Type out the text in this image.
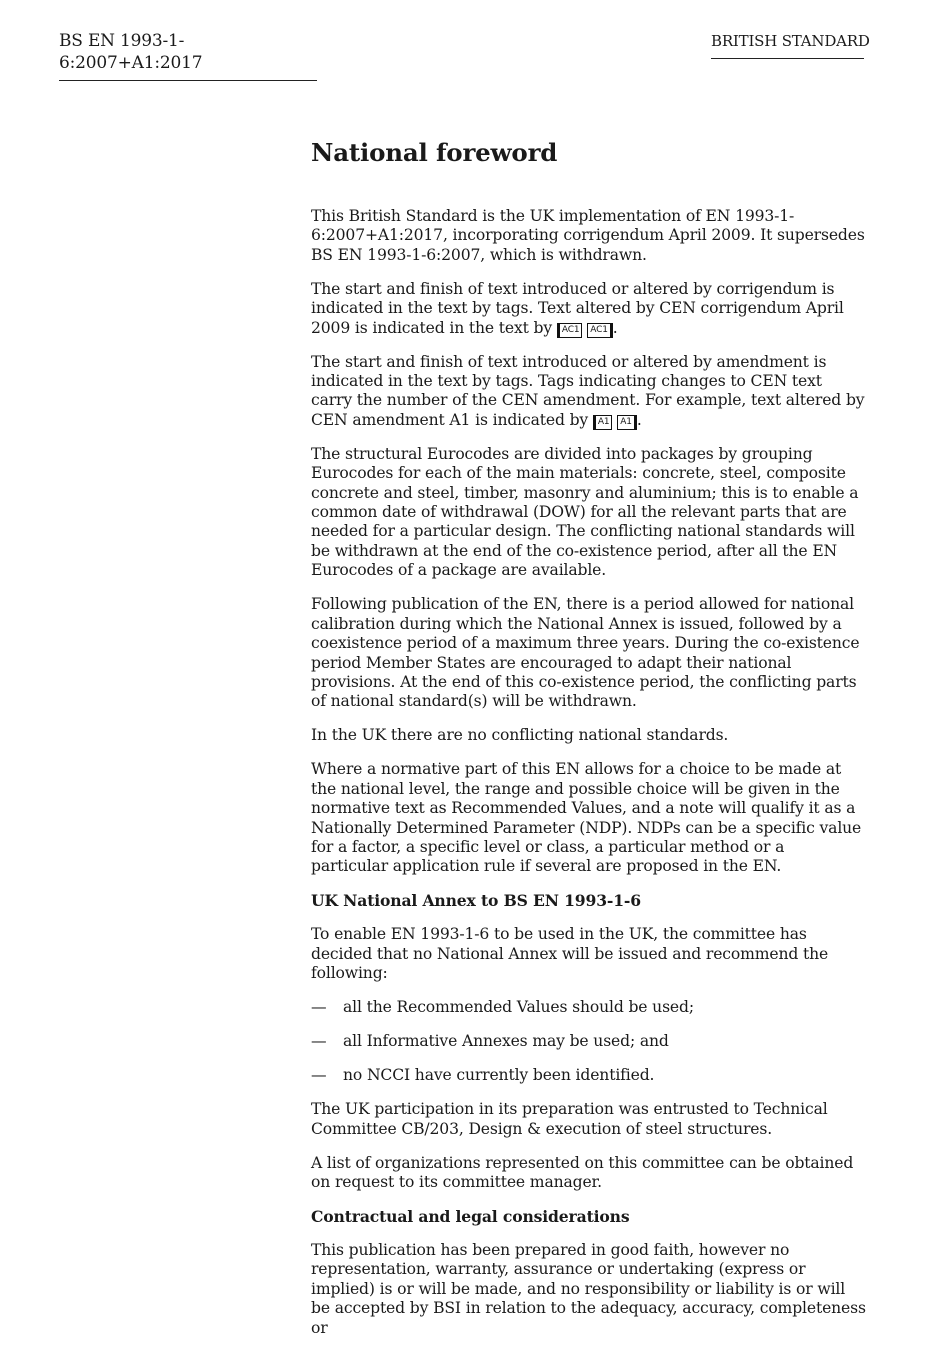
BS EN 1993-1-6:2007+A1:2017
BRITISH STANDARD
National foreword

This British Standard is the UK implementation of EN 1993-1-6:2007+A1:2017, incorporating corrigendum April 2009. It supersedes BS EN 1993-1-6:2007, which is withdrawn.

The start and finish of text introduced or altered by corrigendum is indicated in the text by tags. Text altered by CEN corrigendum April 2009 is indicated in the text by AC1 AC1 .

The start and finish of text introduced or altered by amendment is indicated in the text by tags. Tags indicating changes to CEN text carry the number of the CEN amendment. For example, text altered by CEN amendment A1 is indicated by A1 A1 .

The structural Eurocodes are divided into packages by grouping Eurocodes for each of the main materials: concrete, steel, composite concrete and steel, timber, masonry and aluminium; this is to enable a common date of withdrawal (DOW) for all the relevant parts that are needed for a particular design. The conflicting national standards will be withdrawn at the end of the co-existence period, after all the EN Eurocodes of a package are available.

Following publication of the EN, there is a period allowed for national calibration during which the National Annex is issued, followed by a coexistence period of a maximum three years. During the co-existence period Member States are encouraged to adapt their national provisions. At the end of this co-existence period, the conflicting parts of national standard(s) will be withdrawn.

In the UK there are no conflicting national standards.

Where a normative part of this EN allows for a choice to be made at the national level, the range and possible choice will be given in the normative text as Recommended Values, and a note will qualify it as a Nationally Determined Parameter (NDP). NDPs can be a specific value for a factor, a specific level or class, a particular method or a particular application rule if several are proposed in the EN.

UK National Annex to BS EN 1993-1-6

To enable EN 1993-1-6 to be used in the UK, the committee has decided that no National Annex will be issued and recommend the following:

—	all the Recommended Values should be used;
—	all Informative Annexes may be used; and
—	no NCCI have currently been identified.

The UK participation in its preparation was entrusted to Technical Committee CB/203, Design & execution of steel structures.

A list of organizations represented on this committee can be obtained on request to its committee manager.

Contractual and legal considerations

This publication has been prepared in good faith, however no representation, warranty, assurance or undertaking (express or implied) is or will be made, and no responsibility or liability is or will be accepted by BSI in relation to the adequacy, accuracy, completeness or
